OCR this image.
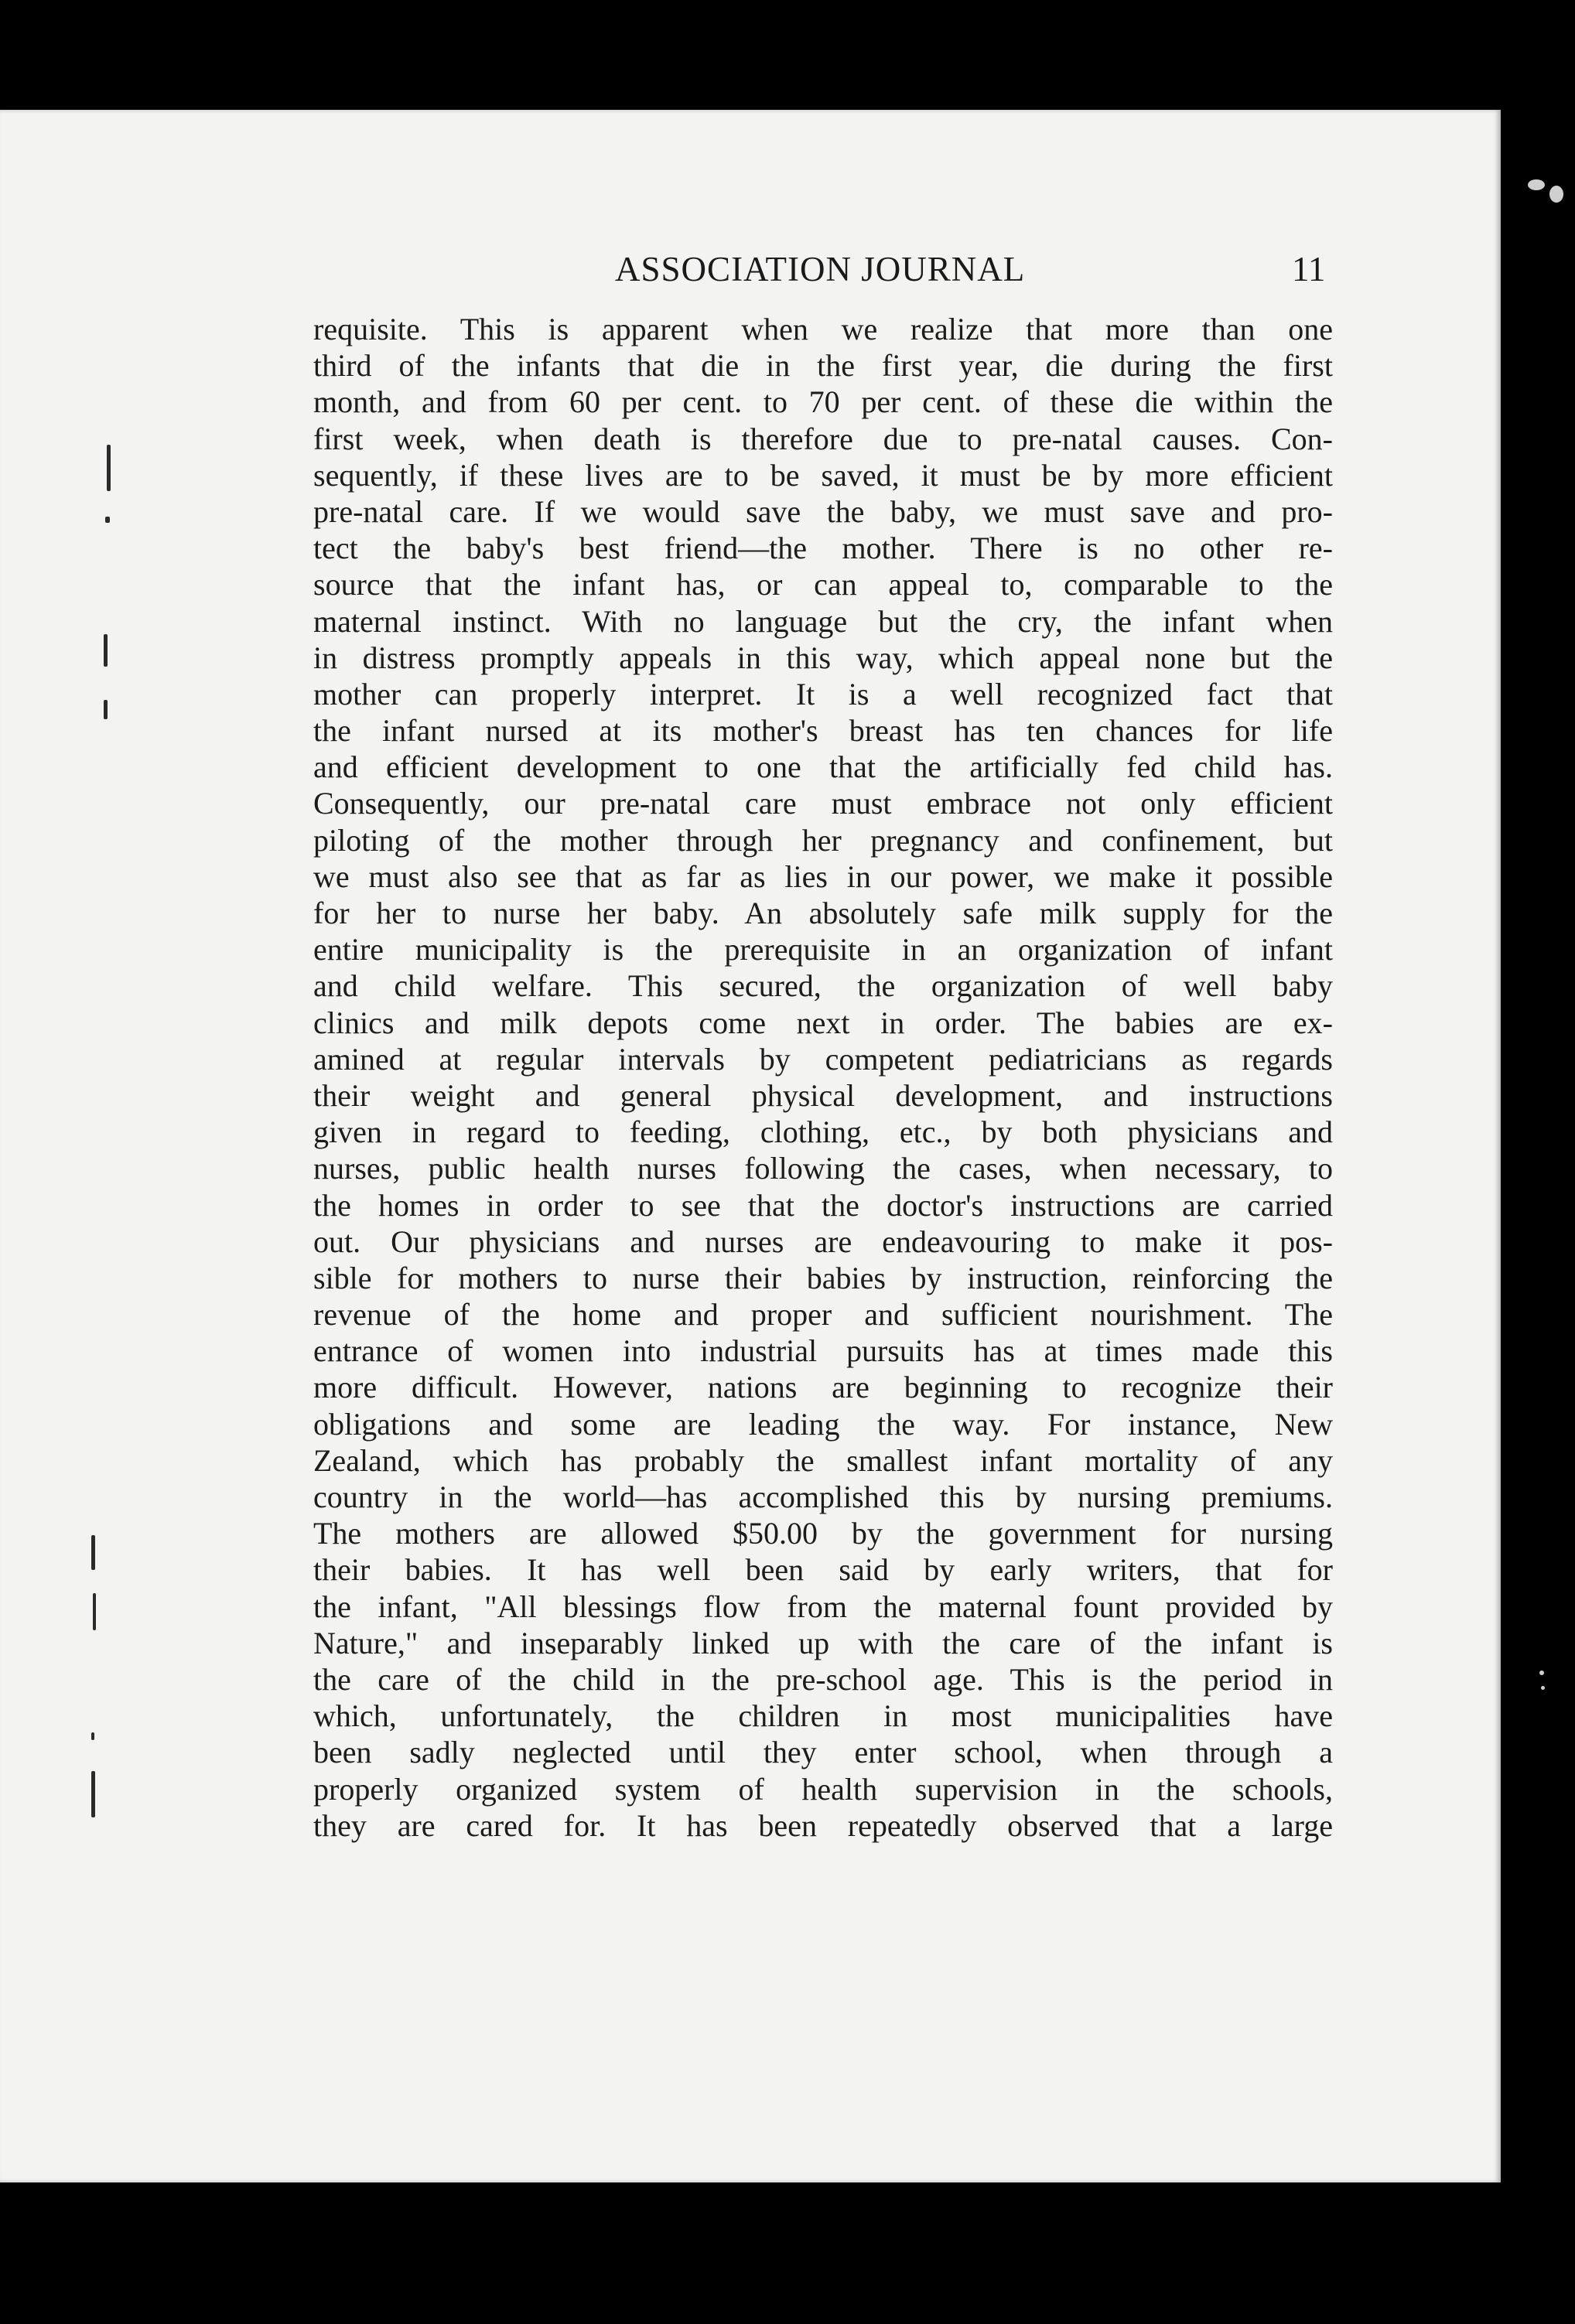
ASSOCIATION JOURNAL	11
requisite. This is apparent when we realize that more than one
third of the infants that die in the first year, die during the first
month, and from 60 per cent. to 70 per cent. of these die within the
first week, when death is therefore due to pre-natal causes. Con-
sequently, if these lives are to be saved, it must be by more efficient
pre-natal care. If we would save the baby, we must save and pro-
tect the baby's best friend—the mother. There is no other re-
source that the infant has, or can appeal to, comparable to the
maternal instinct. With no language but the cry, the infant when
in distress promptly appeals in this way, which appeal none but the
mother can properly interpret. It is a well recognized fact that
the infant nursed at its mother's breast has ten chances for life
and efficient development to one that the artificially fed child has.
Consequently, our pre-natal care must embrace not only efficient
piloting of the mother through her pregnancy and confinement, but
we must also see that as far as lies in our power, we make it possible
for her to nurse her baby. An absolutely safe milk supply for the
entire municipality is the prerequisite in an organization of infant
and child welfare. This secured, the organization of well baby
clinics and milk depots come next in order. The babies are ex-
amined at regular intervals by competent pediatricians as regards
their weight and general physical development, and instructions
given in regard to feeding, clothing, etc., by both physicians and
nurses, public health nurses following the cases, when necessary, to
the homes in order to see that the doctor's instructions are carried
out. Our physicians and nurses are endeavouring to make it pos-
sible for mothers to nurse their babies by instruction, reinforcing the
revenue of the home and proper and sufficient nourishment. The
entrance of women into industrial pursuits has at times made this
more difficult. However, nations are beginning to recognize their
obligations and some are leading the way. For instance, New
Zealand, which has probably the smallest infant mortality of any
country in the world—has accomplished this by nursing premiums.
The mothers are allowed $50.00 by the government for nursing
their babies. It has well been said by early writers, that for
the infant, "All blessings flow from the maternal fount provided by
Nature," and inseparably linked up with the care of the infant is
the care of the child in the pre-school age. This is the period in
which, unfortunately, the children in most municipalities have
been sadly neglected until they enter school, when through a
properly organized system of health supervision in the schools,
they are cared for. It has been repeatedly observed that a large
